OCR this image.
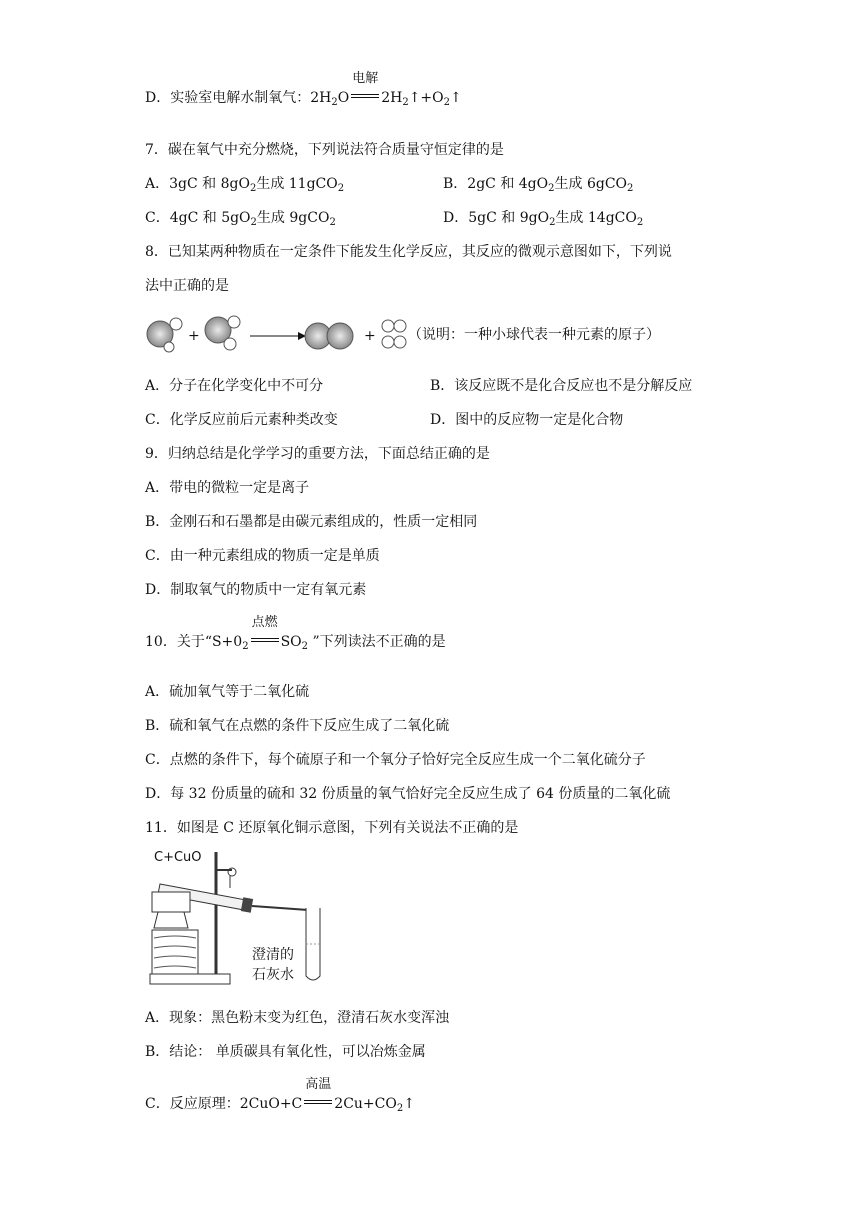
D．实验室电解水制氧气：$2H_2O$
电解
$2H_2↑+O_2↑$
7．碳在氧气中充分燃烧，下列说法符合质量守恒定律的是
A．3gC 和 $8gO_2$生成 11gCO$_2$	B．2gC 和 $4gO_2$生成 6gCO$_2$
C．4gC 和 $5gO_2$生成 9gCO$_2$	D．5gC 和 $9gO_2$生成 14gCO$_2$
8．已知某两种物质在一定条件下能发生化学反应，其反应的微观示意图如下，下列说
法中正确的是
+	+ （说明：一种小球代表一种元素的原子）
A．分子在化学变化中不可分	B．该反应既不是化合反应也不是分解反应
C．化学反应前后元素种类改变	D．图中的反应物一定是化合物
9．归纳总结是化学学习的重要方法，下面总结正确的是
A．带电的微粒一定是离子
B．金刚石和石墨都是由碳元素组成的，性质一定相同
C．由一种元素组成的物质一定是单质
D．制取氧气的物质中一定有氧元素
10．关于“$S+0_2$
点燃
$SO_2$ ”下列读法不正确的是
A．硫加氧气等于二氧化硫
B．硫和氧气在点燃的条件下反应生成了二氧化硫
C．点燃的条件下，每个硫原子和一个氧分子恰好完全反应生成一个二氧化硫分子
D．每 32 份质量的硫和 32 份质量的氧气恰好完全反应生成了 64 份质量的二氧化硫
11．如图是 C 还原氧化铜示意图，下列有关说法不正确的是
C+CuO
澄清的
石灰水
A．现象：黑色粉末变为红色，澄清石灰水变浑浊
B．结论： 单质碳具有氧化性，可以冶炼金属
C．反应原理：2CuO+C
高温
$2Cu+CO_2↑$
